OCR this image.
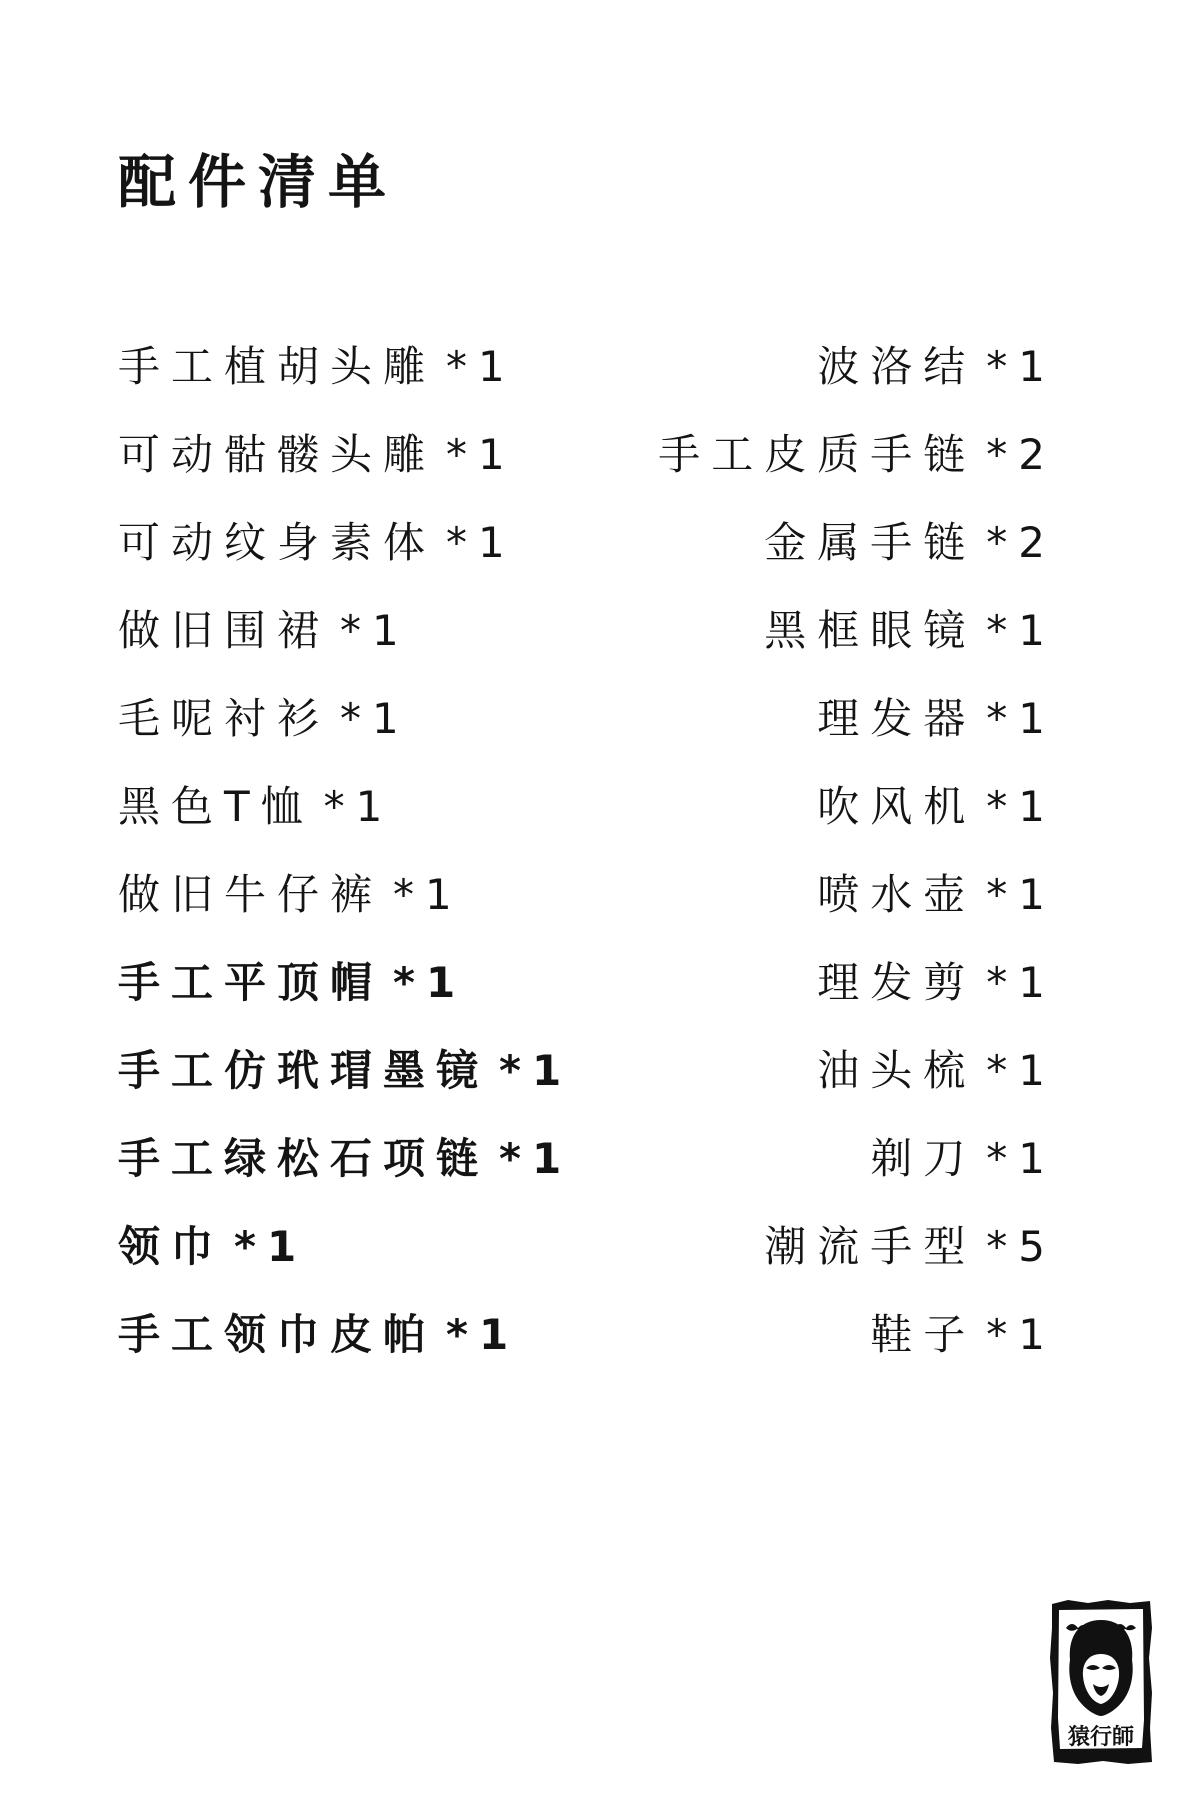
配件清单
手工植胡头雕 *1
可动骷髅头雕 *1
可动纹身素体 *1
做旧围裙 *1
毛呢衬衫 *1
黑色T恤 *1
做旧牛仔裤 *1
手工平顶帽 *1
手工仿玳瑁墨镜 *1
手工绿松石项链 *1
领巾 *1
手工领巾皮帕 *1
波洛结 *1
手工皮质手链 *2
金属手链 *2
黑框眼镜 *1
理发器 *1
吹风机 *1
喷水壶 *1
理发剪 *1
油头梳 *1
剃刀 *1
潮流手型 *5
鞋子 *1
猿行師
